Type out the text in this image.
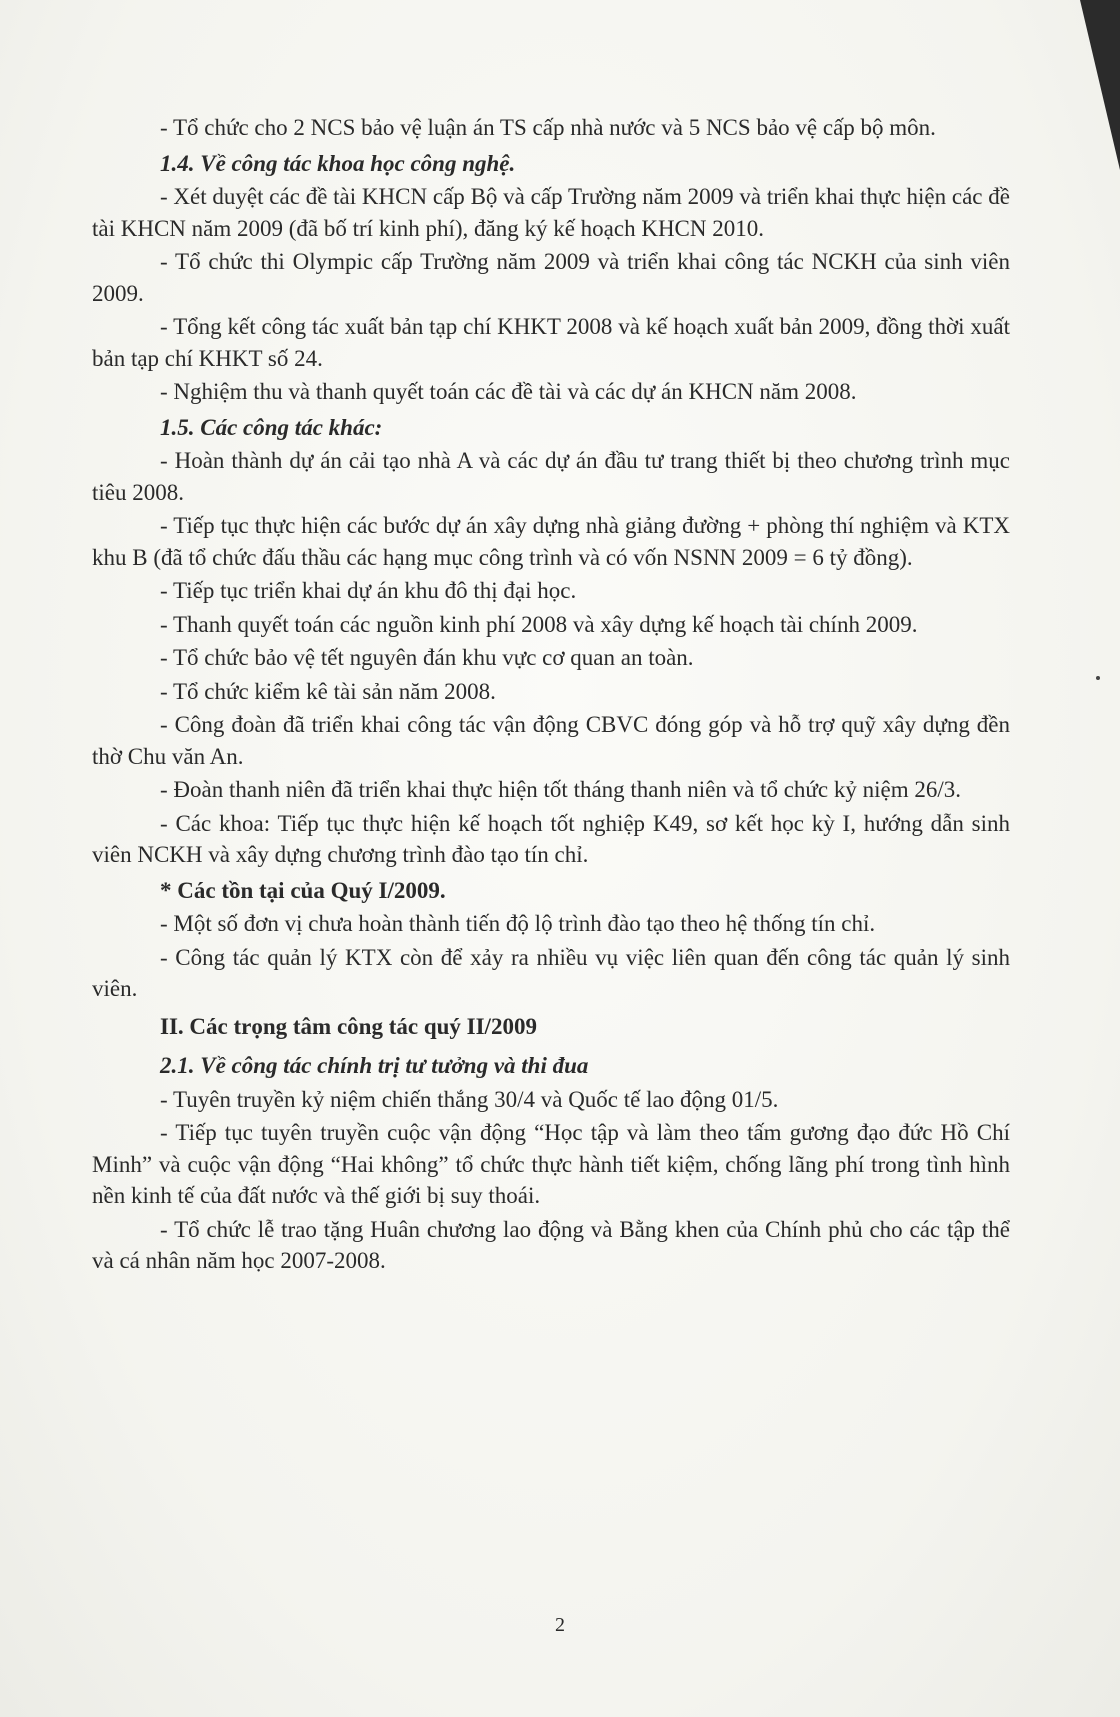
- Tổ chức cho 2 NCS bảo vệ luận án TS cấp nhà nước và 5 NCS bảo vệ cấp bộ môn.

1.4. Về công tác khoa học công nghệ.

- Xét duyệt các đề tài KHCN cấp Bộ và cấp Trường năm 2009 và triển khai thực hiện các đề tài KHCN năm 2009 (đã bố trí kinh phí), đăng ký kế hoạch KHCN 2010.

- Tổ chức thi Olympic cấp Trường năm 2009 và triển khai công tác NCKH của sinh viên 2009.

- Tổng kết công tác xuất bản tạp chí KHKT 2008 và kế hoạch xuất bản 2009, đồng thời xuất bản tạp chí KHKT số 24.

- Nghiệm thu và thanh quyết toán các đề tài và các dự án KHCN năm 2008.

1.5. Các công tác khác:

- Hoàn thành dự án cải tạo nhà A và các dự án đầu tư trang thiết bị theo chương trình mục tiêu 2008.

- Tiếp tục thực hiện các bước dự án xây dựng nhà giảng đường + phòng thí nghiệm và KTX khu B (đã tổ chức đấu thầu các hạng mục công trình và có vốn NSNN 2009 = 6 tỷ đồng).

- Tiếp tục triển khai dự án khu đô thị đại học.

- Thanh quyết toán các nguồn kinh phí 2008 và xây dựng kế hoạch tài chính 2009.

- Tổ chức bảo vệ tết nguyên đán khu vực cơ quan an toàn.

- Tổ chức kiểm kê tài sản năm 2008.

- Công đoàn đã triển khai công tác vận động CBVC đóng góp và hỗ trợ quỹ xây dựng đền thờ Chu văn An.

- Đoàn thanh niên đã triển khai thực hiện tốt tháng thanh niên và tổ chức kỷ niệm 26/3.

- Các khoa: Tiếp tục thực hiện kế hoạch tốt nghiệp K49, sơ kết học kỳ I, hướng dẫn sinh viên NCKH và xây dựng chương trình đào tạo tín chỉ.

* Các tồn tại của Quý I/2009.

- Một số đơn vị chưa hoàn thành tiến độ lộ trình đào tạo theo hệ thống tín chỉ.

- Công tác quản lý KTX còn để xảy ra nhiều vụ việc liên quan đến công tác quản lý sinh viên.

II. Các trọng tâm công tác quý II/2009

2.1. Về công tác chính trị tư tưởng và thi đua

- Tuyên truyền kỷ niệm chiến thắng 30/4 và Quốc tế lao động 01/5.

- Tiếp tục tuyên truyền cuộc vận động “Học tập và làm theo tấm gương đạo đức Hồ Chí Minh” và cuộc vận động “Hai không” tổ chức thực hành tiết kiệm, chống lãng phí trong tình hình nền kinh tế của đất nước và thế giới bị suy thoái.

- Tổ chức lễ trao tặng Huân chương lao động và Bằng khen của Chính phủ cho các tập thể và cá nhân năm học 2007-2008.

2
